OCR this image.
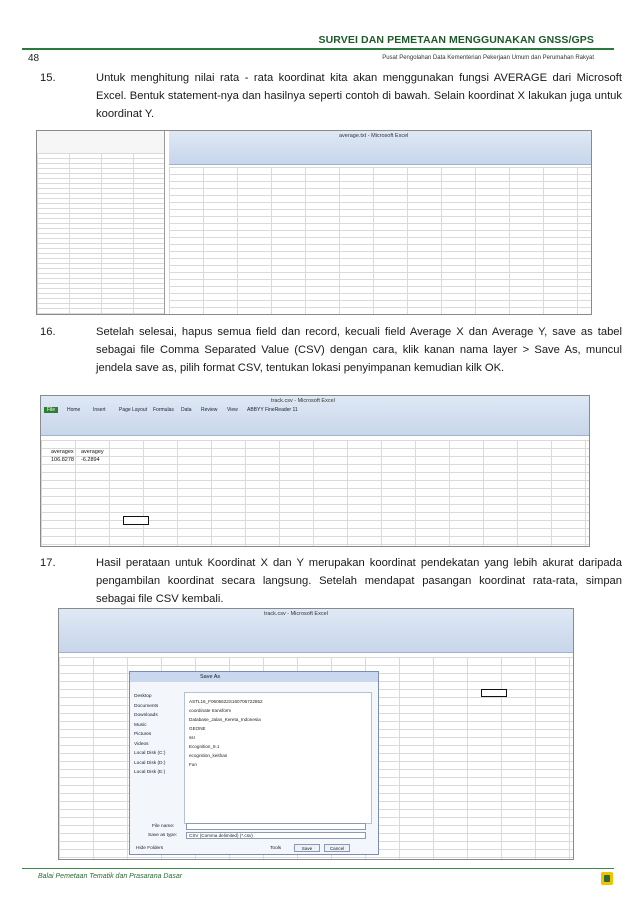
SURVEI DAN PEMETAAN MENGGUNAKAN GNSS/GPS
48	Pusat Pengolahan Data Kementerian Pekerjaan Umum dan Perumahan Rakyat
15.	Untuk menghitung nilai rata - rata koordinat kita akan menggunakan fungsi AVERAGE dari Microsoft Excel. Bentuk statement-nya dan hasilnya seperti contoh di bawah. Selain koordinat X lakukan juga untuk koordinat Y.
average.txt - Microsoft Excel
16.	Setelah selesai, hapus semua field dan record, kecuali field Average X dan Average Y, save as tabel sebagai file Comma Separated Value (CSV) dengan cara, klik kanan nama layer > Save As, muncul jendela save as, pilih format CSV, tentukan lokasi penyimpanan kemudian kilk OK.
track.csv - Microsoft Excel
File	Home	Insert	Page Layout Formulas Data Review View ABBYY FineReader 11
averagex averagey
106.8278 -6.2894
17.	Hasil perataan untuk Koordinat X dan Y merupakan koordinat pendekatan yang lebih akurat daripada pengambilan koordinat secara langsung. Setelah mendapat pasangan koordinat rata-rata, simpan sebagai file CSV kembali.
track.csv - Microsoft Excel
Save As
Desktop
Documents
Downloads
Music
Pictures
Videos
Local Disk (C:)
Local Disk (D:)
Local Disk (E:)
ASTL16_F0605622S160706722852
coordinate transform
Database_Jalan_Kereta_Indonesia
GEONE
ssr
Ecognition_8.1
ecognition_keithan
Fun
File name:
Save as type:	CSV (Comma delimited) (*.csv)
Hide Folders	Tools	Save	Cancel
Balai Pemetaan Tematik dan Prasarana Dasar
